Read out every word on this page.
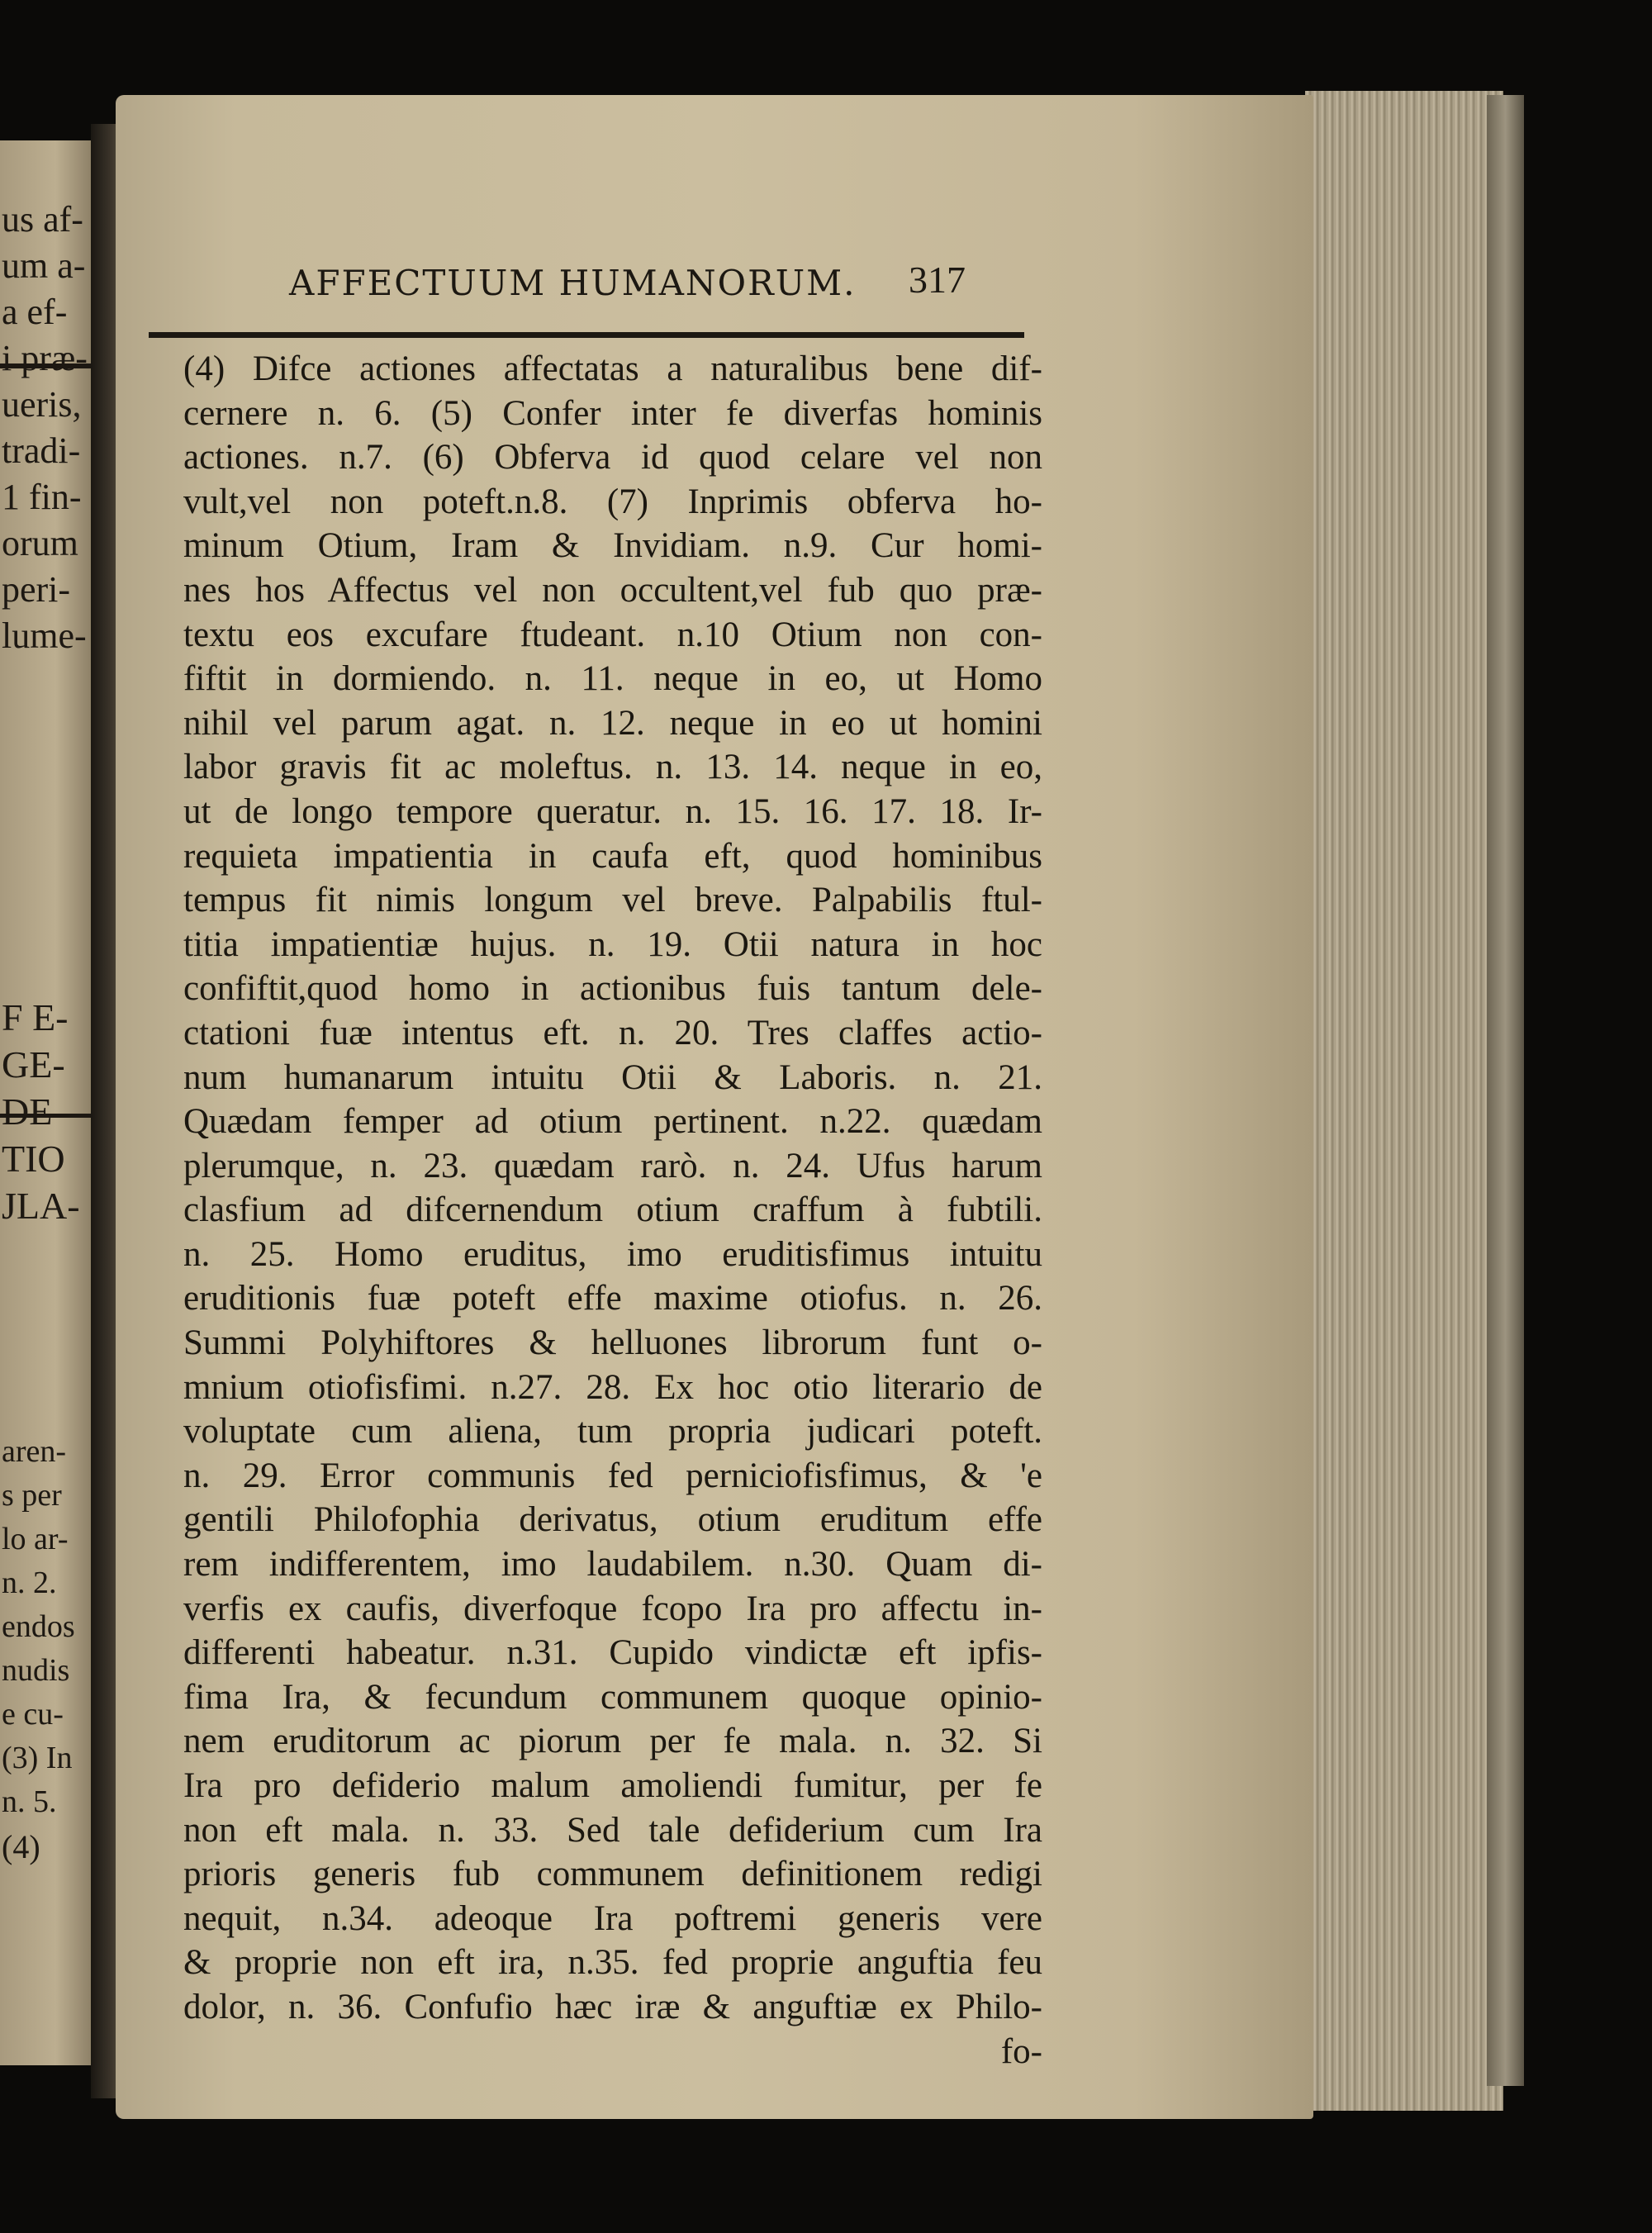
us af-
um a-
a ef-
i præ-
ueris,
tradi-
1 fin-
orum
peri-
lume-
F E-
GE-
DE
TIO
JLA-
aren-
s per
lo ar-
n. 2.
endos
nudis
e cu-
(3) In
n. 5.
(4)
AFFECTUUM HUMANORUM.	317
(4) Difce actiones affectatas a naturalibus bene dif-
cernere n. 6. (5) Confer inter fe diverfas hominis
actiones. n.7. (6) Obferva id quod celare vel non
vult,vel non poteft.n.8. (7) Inprimis obferva ho-
minum Otium, Iram & Invidiam. n.9. Cur homi-
nes hos Affectus vel non occultent,vel fub quo præ-
textu eos excufare ftudeant. n.10 Otium non con-
fiftit in dormiendo. n. 11. neque in eo, ut Homo
nihil vel parum agat. n. 12. neque in eo ut homini
labor gravis fit ac moleftus. n. 13. 14. neque in eo,
ut de longo tempore queratur. n. 15. 16. 17. 18. Ir-
requieta impatientia in caufa eft, quod hominibus
tempus fit nimis longum vel breve. Palpabilis ftul-
titia impatientiæ hujus. n. 19. Otii natura in hoc
confiftit,quod homo in actionibus fuis tantum dele-
ctationi fuæ intentus eft. n. 20. Tres claffes actio-
num humanarum intuitu Otii & Laboris. n. 21.
Quædam femper ad otium pertinent. n.22. quædam
plerumque, n. 23. quædam rarò. n. 24. Ufus harum
clasfium ad difcernendum otium craffum à fubtili.
n. 25. Homo eruditus, imo eruditisfimus intuitu
eruditionis fuæ poteft effe maxime otiofus. n. 26.
Summi Polyhiftores & helluones librorum funt o-
mnium otiofisfimi. n.27. 28. Ex hoc otio literario de
voluptate cum aliena, tum propria judicari poteft.
n. 29. Error communis fed perniciofisfimus, & 'e
gentili Philofophia derivatus, otium eruditum effe
rem indifferentem, imo laudabilem. n.30. Quam di-
verfis ex caufis, diverfoque fcopo Ira pro affectu in-
differenti habeatur. n.31. Cupido vindictæ eft ipfis-
fima Ira, & fecundum communem quoque opinio-
nem eruditorum ac piorum per fe mala. n. 32. Si
Ira pro defiderio malum amoliendi fumitur, per fe
non eft mala. n. 33. Sed tale defiderium cum Ira
prioris generis fub communem definitionem redigi
nequit, n.34. adeoque Ira poftremi generis vere
& proprie non eft ira, n.35. fed proprie anguftia feu
dolor, n. 36. Confufio hæc iræ & anguftiæ ex Philo-
fo-
